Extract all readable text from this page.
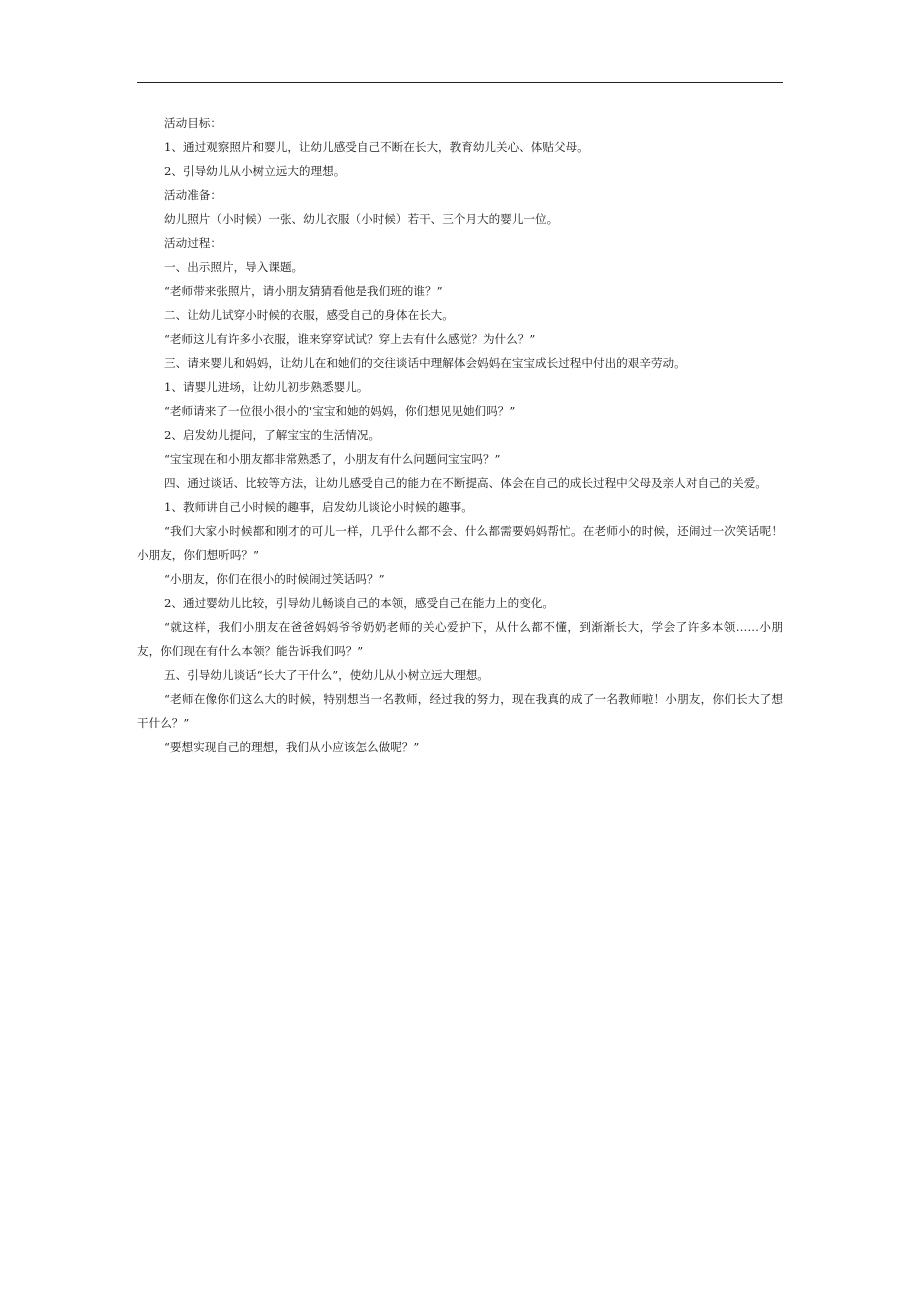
活动目标：

1、通过观察照片和婴儿，让幼儿感受自己不断在长大，教育幼儿关心、体贴父母。

2、引导幼儿从小树立远大的理想。

活动准备：

幼儿照片（小时候）一张、幼儿衣服（小时候）若干、三个月大的婴儿一位。

活动过程：

一、出示照片，导入课题。

“老师带来张照片，请小朋友猜猜看他是我们班的谁？”

二、让幼儿试穿小时候的衣服，感受自己的身体在长大。

“老师这儿有许多小衣服，谁来穿穿试试？穿上去有什么感觉？为什么？”

三、请来婴儿和妈妈，让幼儿在和她们的交往谈话中理解体会妈妈在宝宝成长过程中付出的艰辛劳动。

1、请婴儿进场，让幼儿初步熟悉婴儿。

“老师请来了一位很小很小的'宝宝和她的妈妈，你们想见见她们吗？”

2、启发幼儿提问，了解宝宝的生活情况。

“宝宝现在和小朋友都非常熟悉了，小朋友有什么问题问宝宝吗？”

四、通过谈话、比较等方法，让幼儿感受自己的能力在不断提高、体会在自己的成长过程中父母及亲人对自己的关爱。

1、教师讲自己小时候的趣事，启发幼儿谈论小时候的趣事。

“我们大家小时候都和刚才的可儿一样，几乎什么都不会、什么都需要妈妈帮忙。在老师小的时候，还闹过一次笑话呢！小朋友，你们想听吗？”

“小朋友，你们在很小的时候闹过笑话吗？”

2、通过婴幼儿比较，引导幼儿畅谈自己的本领，感受自己在能力上的变化。

“就这样，我们小朋友在爸爸妈妈爷爷奶奶老师的关心爱护下，从什么都不懂，到渐渐长大，学会了许多本领……小朋友，你们现在有什么本领？能告诉我们吗？”

五、引导幼儿谈话“长大了干什么”，使幼儿从小树立远大理想。

“老师在像你们这么大的时候，特别想当一名教师，经过我的努力，现在我真的成了一名教师啦！小朋友，你们长大了想干什么？”

“要想实现自己的理想，我们从小应该怎么做呢？”
